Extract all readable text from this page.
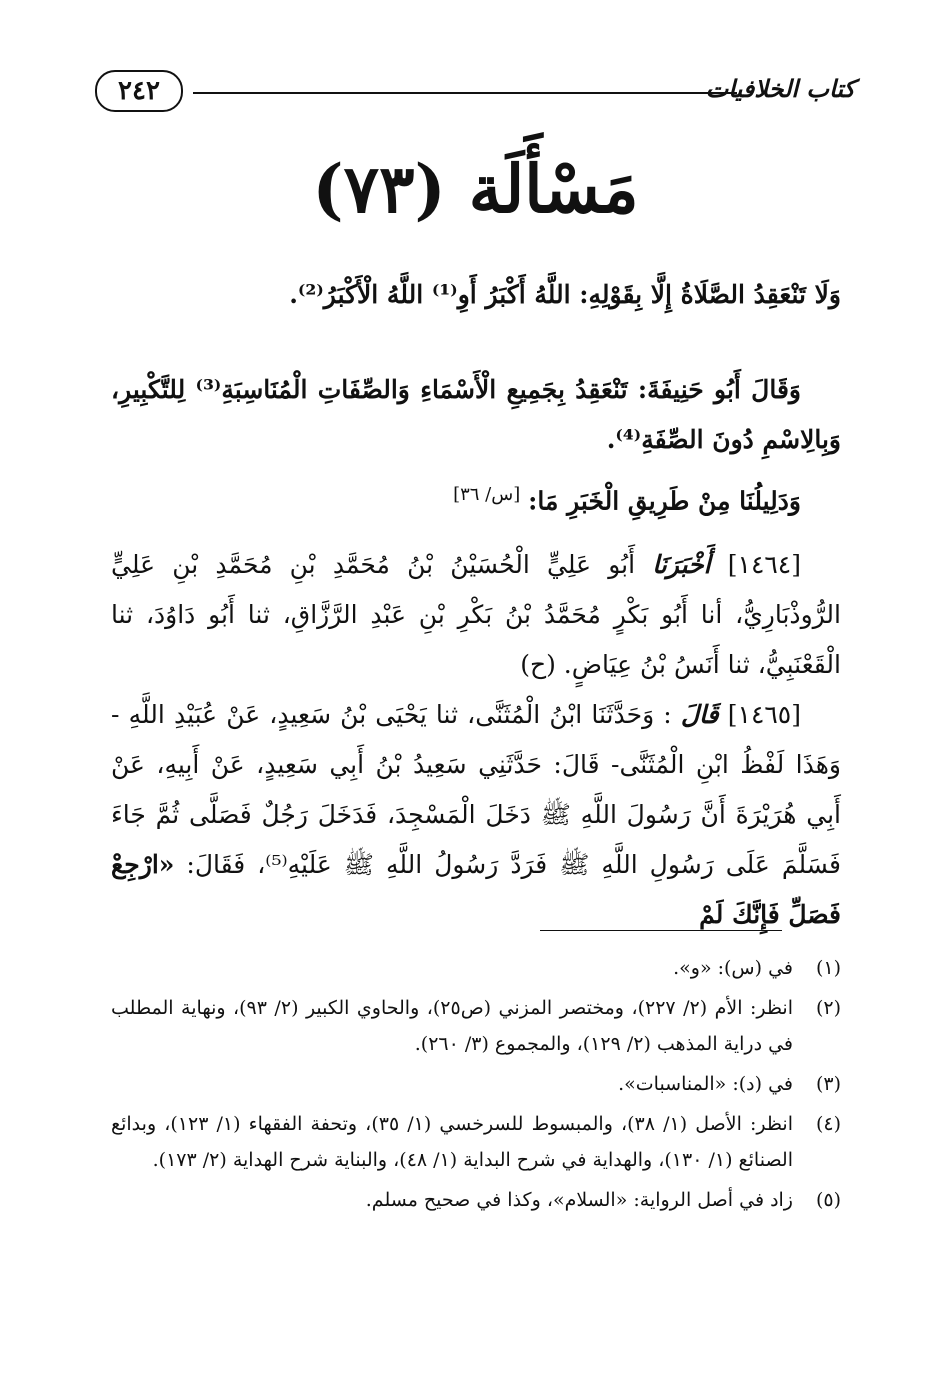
٢٤٢	كتاب الخلافيات
مَسْأَلَة (٧٣)
وَلَا تَنْعَقِدُ الصَّلَاةُ إِلَّا بِقَوْلِهِ: اللَّهُ أَكْبَرُ أَوِ⁽¹⁾ اللَّهُ الْأَكْبَرُ⁽²⁾.
وَقَالَ أَبُو حَنِيفَةَ: تَنْعَقِدُ بِجَمِيعِ الْأَسْمَاءِ وَالصِّفَاتِ الْمُنَاسِبَةِ⁽³⁾ لِلتَّكْبِيرِ، وَبِالِاسْمِ دُونَ الصِّفَةِ⁽⁴⁾.
وَدَلِيلُنَا مِنْ طَرِيقِ الْخَبَرِ مَا: [س/ ٣٦]
[١٤٦٤] أَخْبَرَنَا أَبُو عَلِيٍّ الْحُسَيْنُ بْنُ مُحَمَّدِ بْنِ مُحَمَّدِ بْنِ عَلِيٍّ الرُّوذْبَارِيُّ، أنا أَبُو بَكْرٍ مُحَمَّدُ بْنُ بَكْرِ بْنِ عَبْدِ الرَّزَّاقِ، ثنا أَبُو دَاوُدَ، ثنا الْقَعْنَبِيُّ، ثنا أَنَسُ بْنُ عِيَاضٍ. (ح)
[١٤٦٥] قَالَ : وَحَدَّثَنَا ابْنُ الْمُثَنَّى، ثنا يَحْيَى بْنُ سَعِيدٍ، عَنْ عُبَيْدِ اللَّهِ - وَهَذَا لَفْظُ ابْنِ الْمُثَنَّى- قَالَ: حَدَّثَنِي سَعِيدُ بْنُ أَبِي سَعِيدٍ، عَنْ أَبِيهِ، عَنْ أَبِي هُرَيْرَةَ أَنَّ رَسُولَ اللَّهِ ﷺ دَخَلَ الْمَسْجِدَ، فَدَخَلَ رَجُلٌ فَصَلَّى ثُمَّ جَاءَ فَسَلَّمَ عَلَى رَسُولِ اللَّهِ ﷺ فَرَدَّ رَسُولُ اللَّهِ ﷺ عَلَيْهِ⁽⁵⁾، فَقَالَ: «ارْجِعْ فَصَلِّ فَإِنَّكَ لَمْ
(١)
في (س): «و».
(٢)
انظر: الأم (٢/ ٢٢٧)، ومختصر المزني (ص٢٥)، والحاوي الكبير (٢/ ٩٣)، ونهاية المطلب في دراية المذهب (٢/ ١٢٩)، والمجموع (٣/ ٢٦٠).
(٣)
في (د): «المناسبات».
(٤)
انظر: الأصل (١/ ٣٨)، والمبسوط للسرخسي (١/ ٣٥)، وتحفة الفقهاء (١/ ١٢٣)، وبدائع الصنائع (١/ ١٣٠)، والهداية في شرح البداية (١/ ٤٨)، والبناية شرح الهداية (٢/ ١٧٣).
(٥)
زاد في أصل الرواية: «السلام»، وكذا في صحيح مسلم.
